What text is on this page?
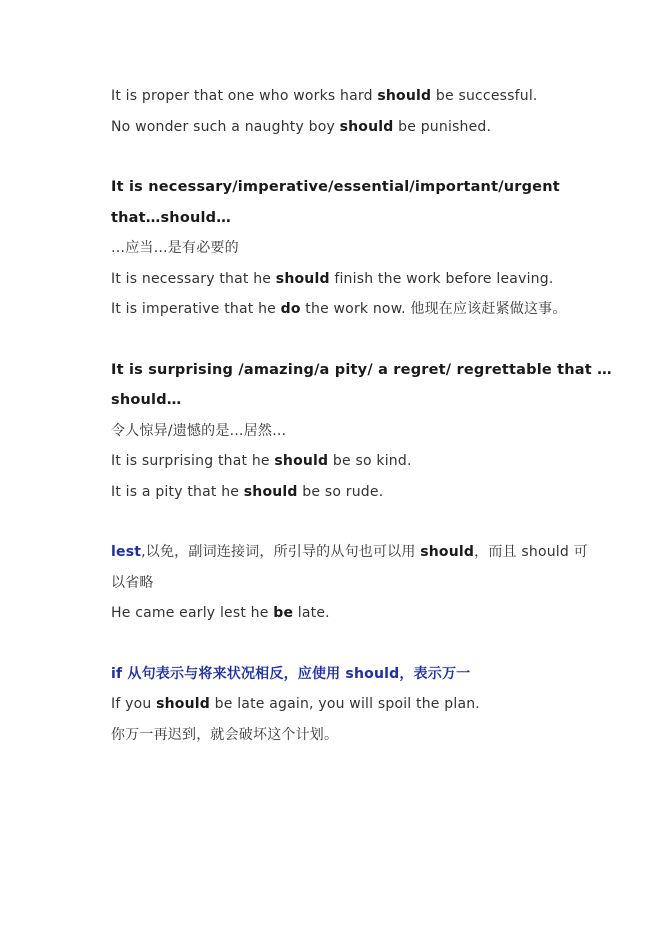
It is proper that one who works hard should be successful.
No wonder such a naughty boy should be punished.
It is necessary/imperative/essential/important/urgent
that…should…
…应当…是有必要的
It is necessary that he should finish the work before leaving.
It is imperative that he do the work now. 他现在应该赶紧做这事。
It is surprising /amazing/a pity/ a regret/ regrettable that …
should…
令人惊异/遗憾的是…居然…
It is surprising that he should be so kind.
It is a pity that he should be so rude.
lest,以免，副词连接词，所引导的从句也可以用 should，而且 should 可
以省略
He came early lest he be late.
if 从句表示与将来状况相反，应使用 should，表示万一
If you should be late again, you will spoil the plan.
你万一再迟到，就会破坏这个计划。
